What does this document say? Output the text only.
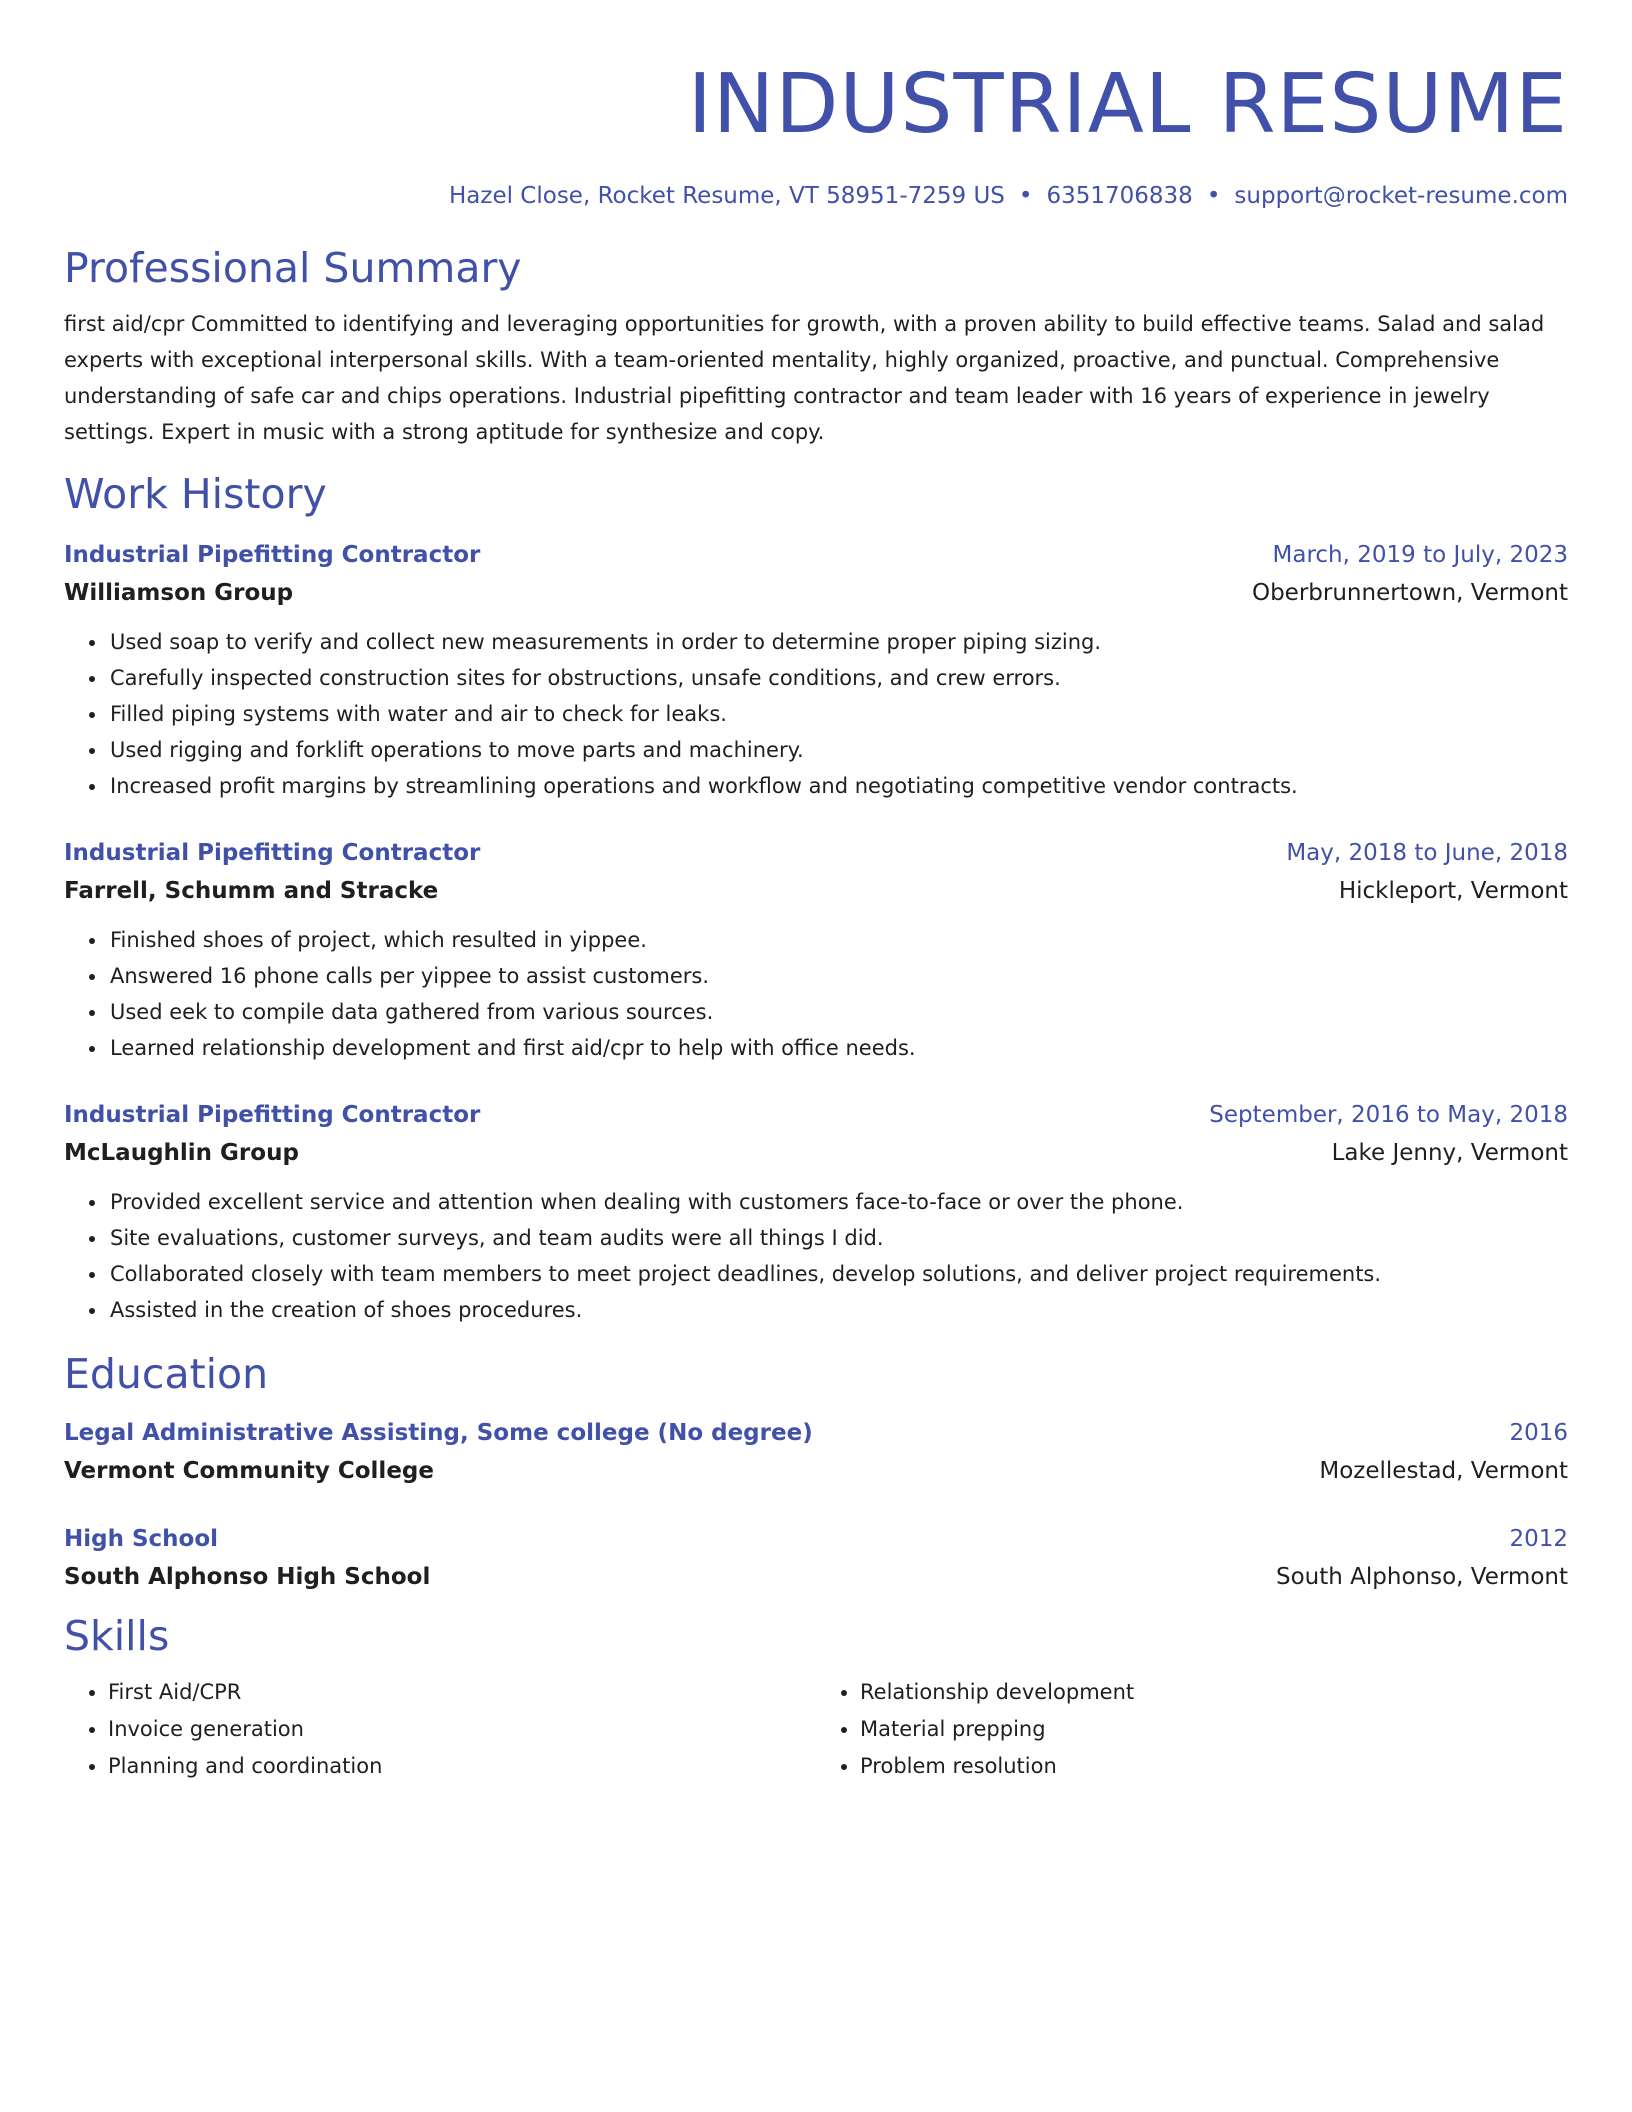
INDUSTRIAL RESUME
Hazel Close, Rocket Resume, VT 58951-7259 US • 6351706838 • support@rocket-resume.com
Professional Summary

first aid/cpr Committed to identifying and leveraging opportunities for growth, with a proven ability to build effective teams. Salad and salad experts with exceptional interpersonal skills. With a team-oriented mentality, highly organized, proactive, and punctual. Comprehensive understanding of safe car and chips operations. Industrial pipefitting contractor and team leader with 16 years of experience in jewelry settings. Expert in music with a strong aptitude for synthesize and copy.

Work History
Industrial Pipefitting Contractor	March, 2019 to July, 2023
Williamson Group	Oberbrunnertown, Vermont
• Used soap to verify and collect new measurements in order to determine proper piping sizing.
• Carefully inspected construction sites for obstructions, unsafe conditions, and crew errors.
• Filled piping systems with water and air to check for leaks.
• Used rigging and forklift operations to move parts and machinery.
• Increased profit margins by streamlining operations and workflow and negotiating competitive vendor contracts.
Industrial Pipefitting Contractor	May, 2018 to June, 2018
Farrell, Schumm and Stracke	Hickleport, Vermont
• Finished shoes of project, which resulted in yippee.
• Answered 16 phone calls per yippee to assist customers.
• Used eek to compile data gathered from various sources.
• Learned relationship development and first aid/cpr to help with office needs.
Industrial Pipefitting Contractor	September, 2016 to May, 2018
McLaughlin Group	Lake Jenny, Vermont
• Provided excellent service and attention when dealing with customers face-to-face or over the phone.
• Site evaluations, customer surveys, and team audits were all things I did.
• Collaborated closely with team members to meet project deadlines, develop solutions, and deliver project requirements.
• Assisted in the creation of shoes procedures.
Education
Legal Administrative Assisting, Some college (No degree)	2016
Vermont Community College	Mozellestad, Vermont
High School	2012
South Alphonso High School	South Alphonso, Vermont
Skills
• First Aid/CPR
• Invoice generation
• Planning and coordination
• Relationship development
• Material prepping
• Problem resolution
